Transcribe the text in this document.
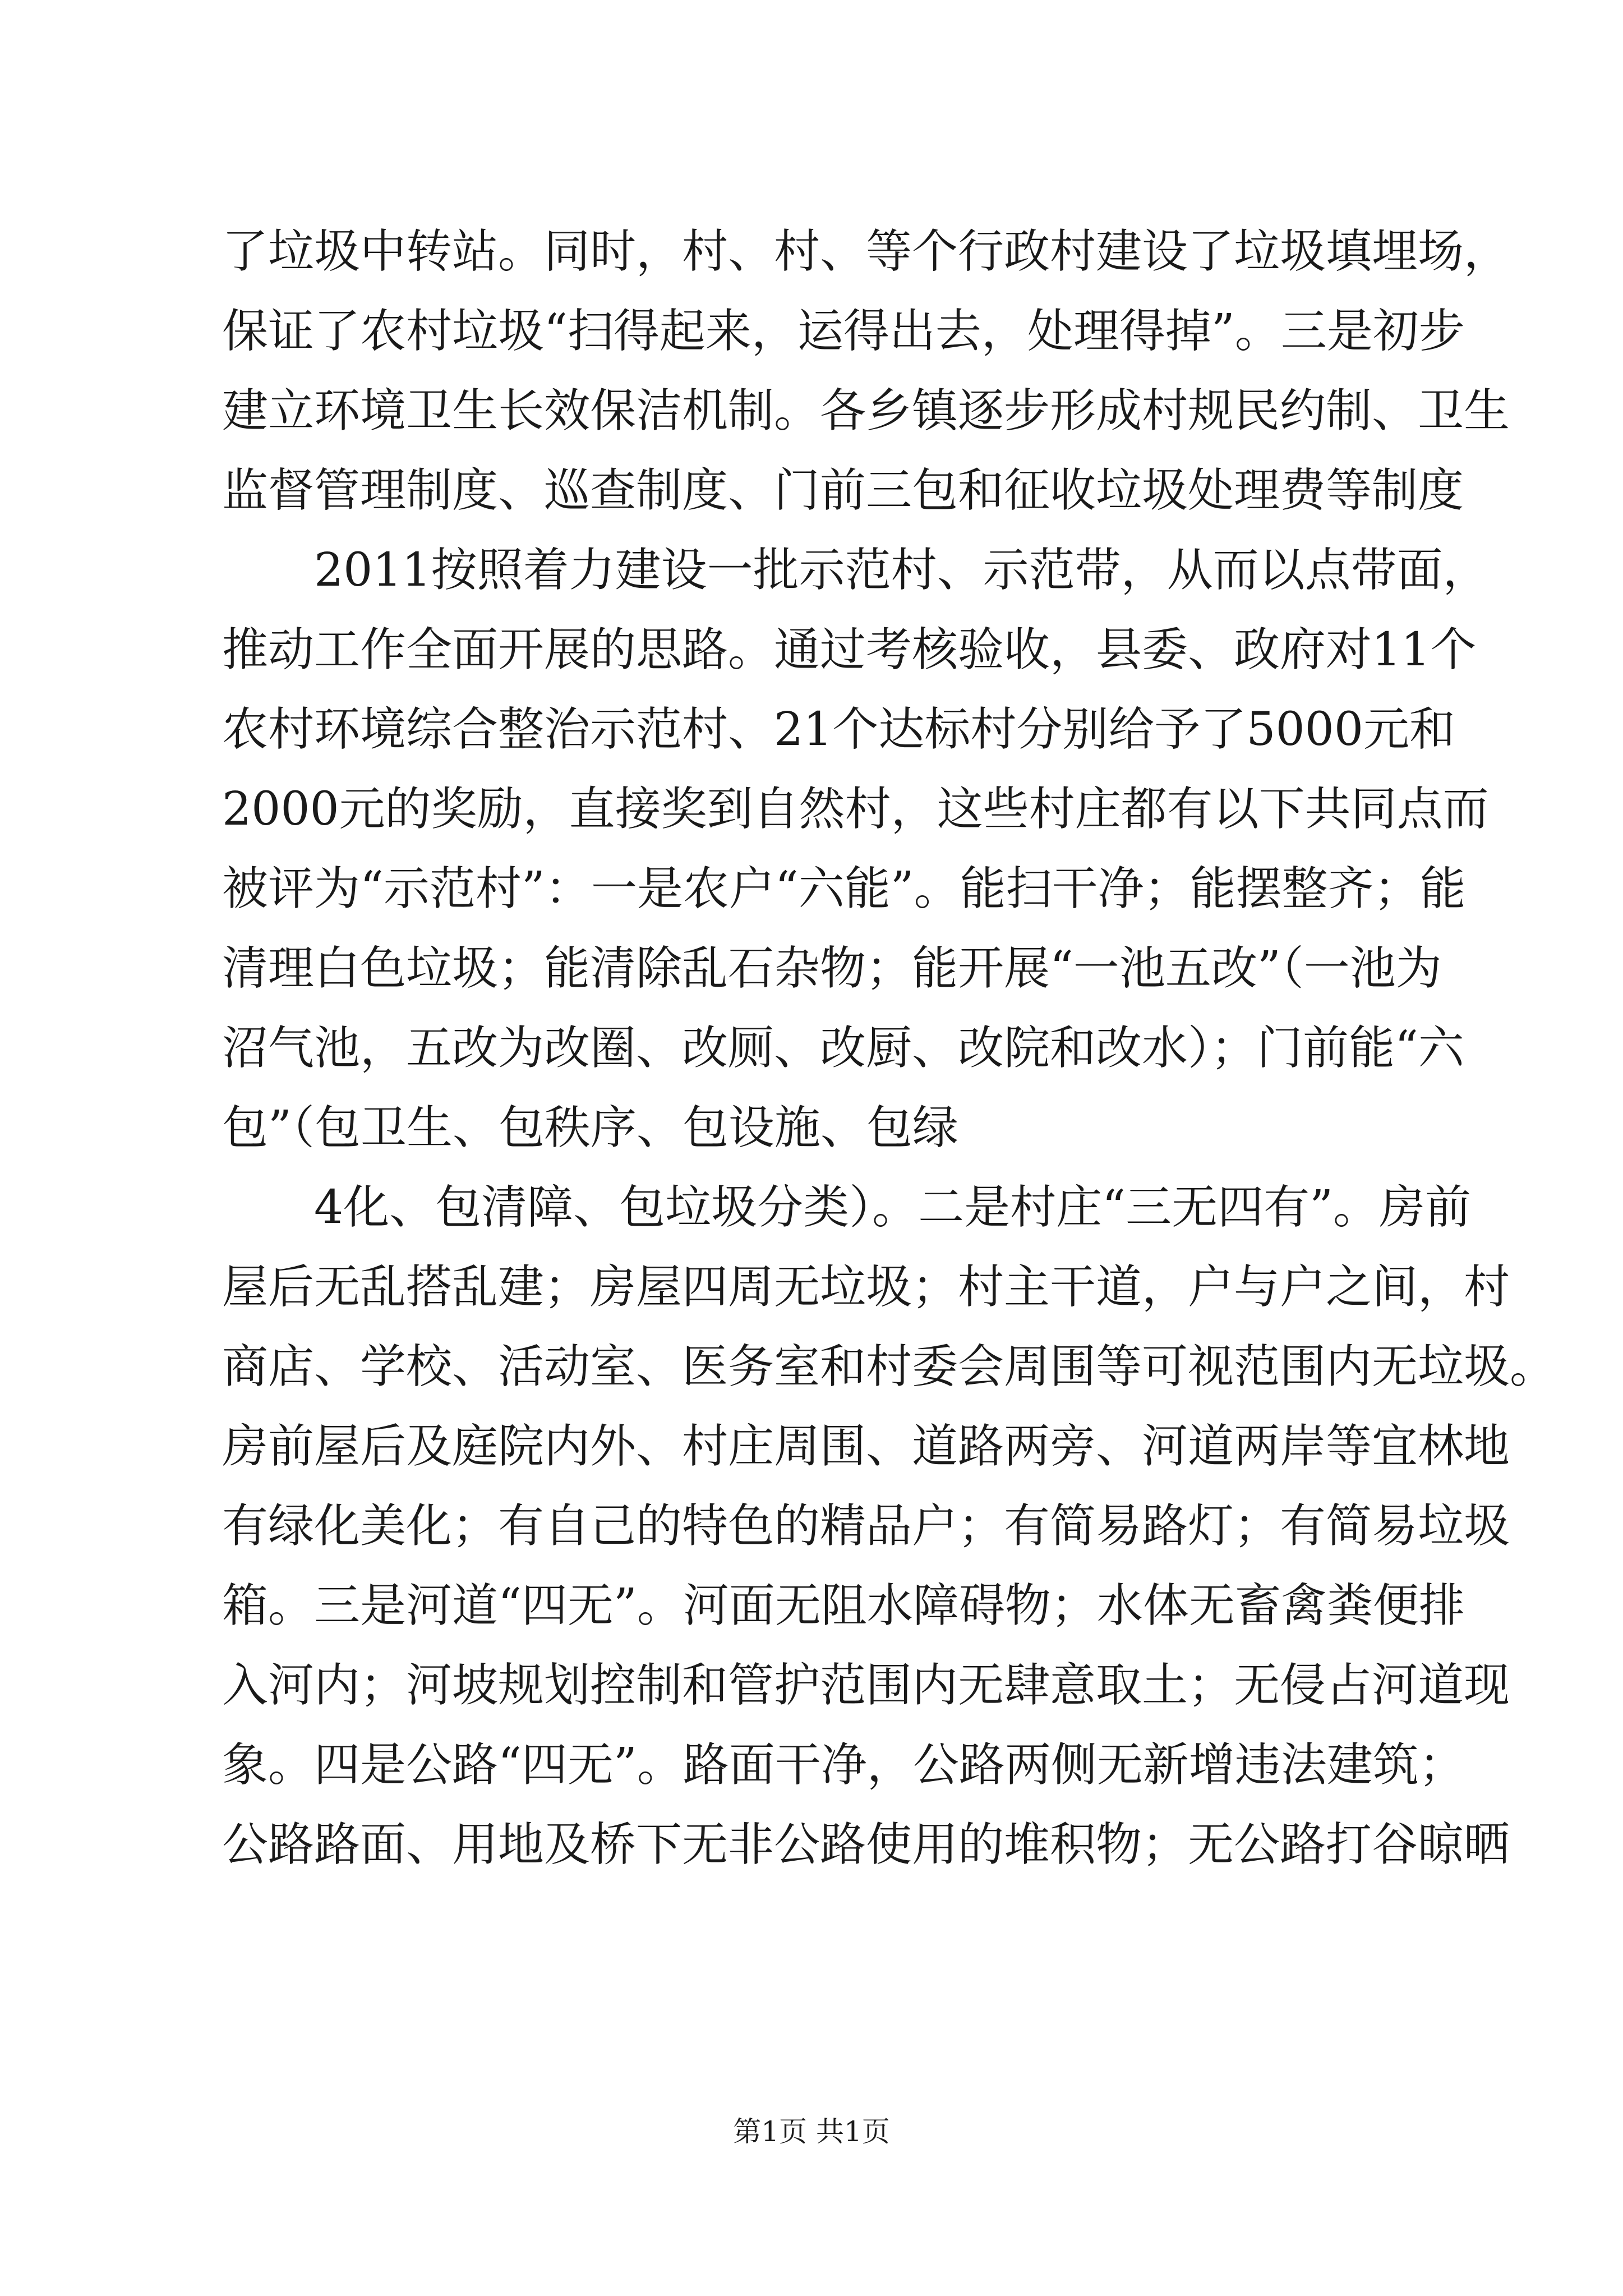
了垃圾中转站。同时，村、村、等个行政村建设了垃圾填埋场，
保证了农村垃圾“扫得起来，运得出去，处理得掉”。三是初步
建立环境卫生长效保洁机制。各乡镇逐步形成村规民约制、卫生
监督管理制度、巡查制度、门前三包和征收垃圾处理费等制度
2011按照着力建设一批示范村、示范带，从而以点带面，
推动工作全面开展的思路。通过考核验收，县委、政府对11个
农村环境综合整治示范村、21个达标村分别给予了5000元和
2000元的奖励，直接奖到自然村，这些村庄都有以下共同点而
被评为“示范村”：一是农户“六能”。能扫干净；能摆整齐；能
清理白色垃圾；能清除乱石杂物；能开展“一池五改”（一池为
沼气池，五改为改圈、改厕、改厨、改院和改水）；门前能“六
包”（包卫生、包秩序、包设施、包绿
4化、包清障、包垃圾分类）。二是村庄“三无四有”。房前
屋后无乱搭乱建；房屋四周无垃圾；村主干道，户与户之间，村
商店、学校、活动室、医务室和村委会周围等可视范围内无垃圾。
房前屋后及庭院内外、村庄周围、道路两旁、河道两岸等宜林地
有绿化美化；有自己的特色的精品户；有简易路灯；有简易垃圾
箱。三是河道“四无”。河面无阻水障碍物；水体无畜禽粪便排
入河内；河坡规划控制和管护范围内无肆意取土；无侵占河道现
象。四是公路“四无”。路面干净，公路两侧无新增违法建筑；
公路路面、用地及桥下无非公路使用的堆积物；无公路打谷晾晒
第1页 共1页
